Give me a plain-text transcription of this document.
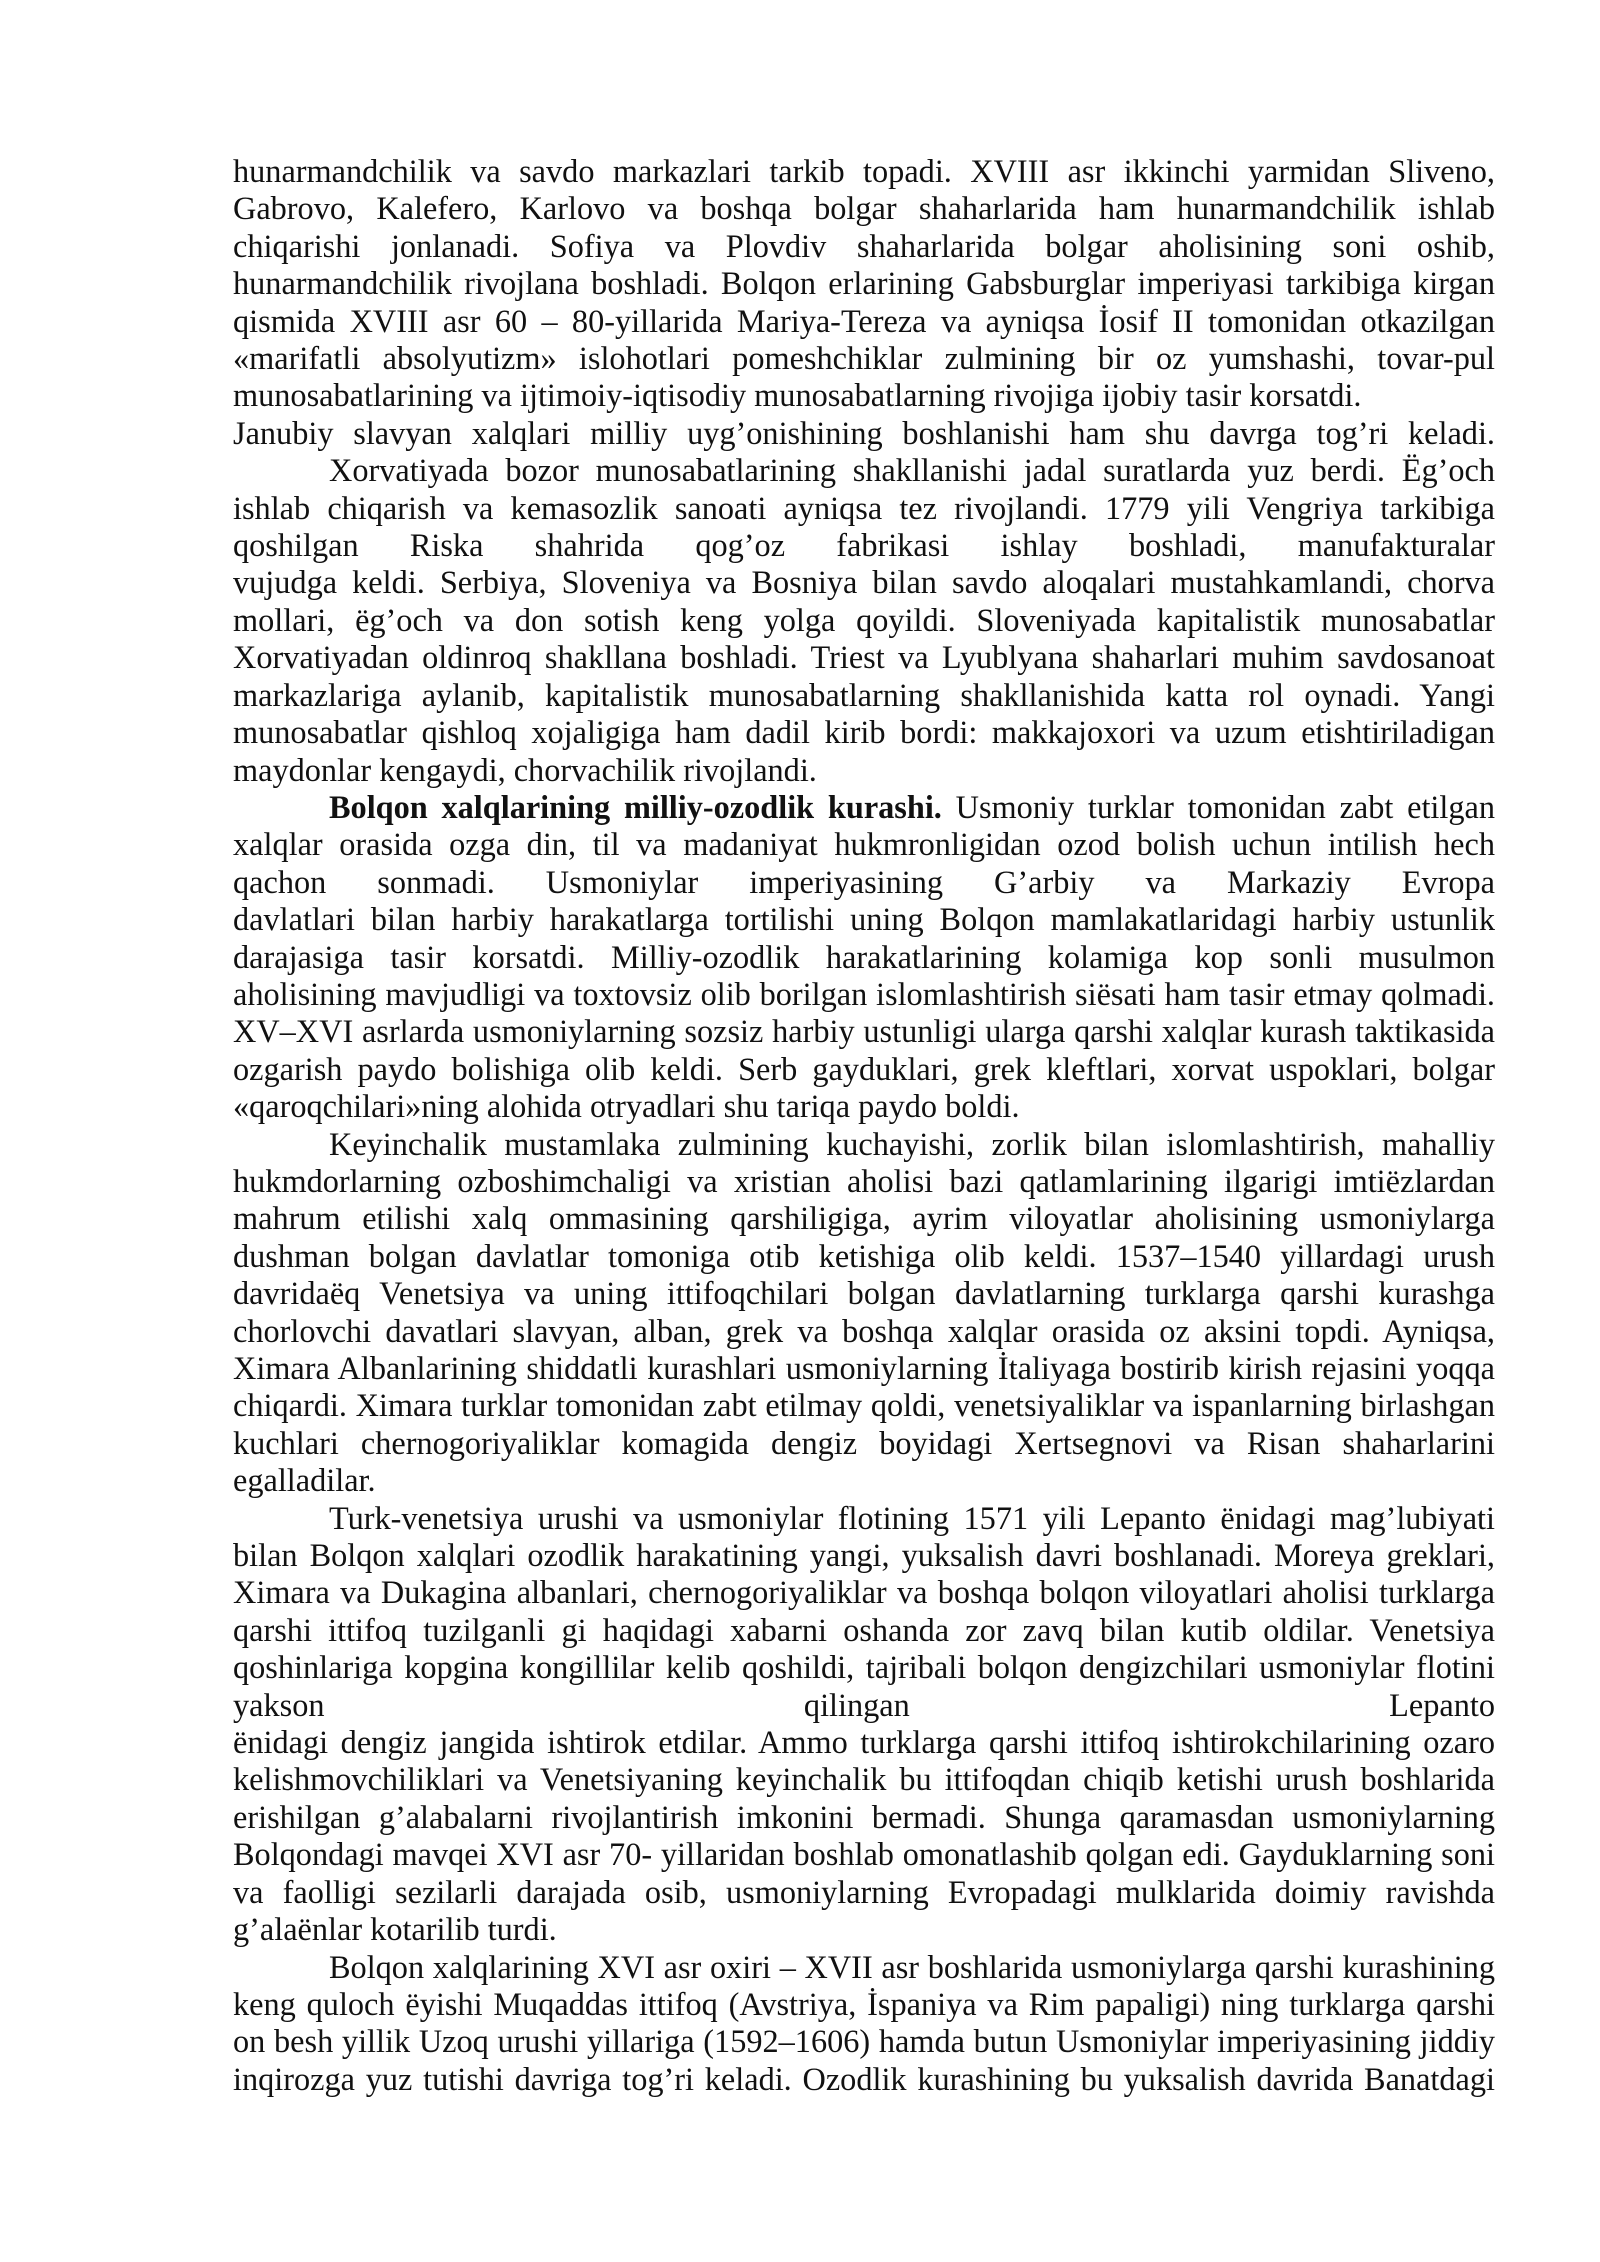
hunarmandchilik va savdo markazlari tarkib topadi. XVIII asr ikkinchi yarmidan Sliveno,
Gabrovo, Kalefero, Karlovo va boshqa bolgar shaharlarida ham hunarmandchilik ishlab
chiqarishi jonlanadi. Sofiya va Plovdiv shaharlarida bolgar aholisining soni oshib,
hunarmandchilik rivojlana boshladi. Bolqon erlarining Gabsburglar imperiyasi tarkibiga kirgan
qismida XVIII asr 60 – 80-yillarida Mariya-Tereza va ayniqsa İosif II tomonidan otkazilgan
«marifatli absolyutizm» islohotlari pomeshchiklar zulmining bir oz yumshashi, tovar-pul
munosabatlarining va ijtimoiy-iqtisodiy munosabatlarning rivojiga ijobiy tasir korsatdi.
Janubiy slavyan xalqlari milliy uyg’onishining boshlanishi ham shu davrga tog’ri keladi.
Xorvatiyada bozor munosabatlarining shakllanishi jadal suratlarda yuz berdi. Ëg’och
ishlab chiqarish va kemasozlik sanoati ayniqsa tez rivojlandi. 1779 yili Vengriya tarkibiga
qoshilgan Riska shahrida qog’oz fabrikasi ishlay boshladi, manufakturalar
vujudga keldi. Serbiya, Sloveniya va Bosniya bilan savdo aloqalari mustahkamlandi, chorva
mollari, ëg’och va don sotish keng yolga qoyildi. Sloveniyada kapitalistik munosabatlar
Xorvatiyadan oldinroq shakllana boshladi. Triest va Lyublyana shaharlari muhim savdosanoat
markazlariga aylanib, kapitalistik munosabatlarning shakllanishida katta rol oynadi. Yangi
munosabatlar qishloq xojaligiga ham dadil kirib bordi: makkajoxori va uzum etishtiriladigan
maydonlar kengaydi, chorvachilik rivojlandi.
Bolqon xalqlarining milliy-ozodlik kurashi. Usmoniy turklar tomonidan zabt etilgan
xalqlar orasida ozga din, til va madaniyat hukmronligidan ozod bolish uchun intilish hech
qachon sonmadi. Usmoniylar imperiyasining G’arbiy va Markaziy Evropa
davlatlari bilan harbiy harakatlarga tortilishi uning Bolqon mamlakatlaridagi harbiy ustunlik
darajasiga tasir korsatdi. Milliy-ozodlik harakatlarining kolamiga kop sonli musulmon
aholisining mavjudligi va toxtovsiz olib borilgan islomlashtirish siësati ham tasir etmay qolmadi.
XV–XVI asrlarda usmoniylarning sozsiz harbiy ustunligi ularga qarshi xalqlar kurash taktikasida
ozgarish paydo bolishiga olib keldi. Serb gayduklari, grek kleftlari, xorvat uspoklari, bolgar
«qaroqchilari»ning alohida otryadlari shu tariqa paydo boldi.
Keyinchalik mustamlaka zulmining kuchayishi, zorlik bilan islomlashtirish, mahalliy
hukmdorlarning ozboshimchaligi va xristian aholisi bazi qatlamlarining ilgarigi imtiëzlardan
mahrum etilishi xalq ommasining qarshiligiga, ayrim viloyatlar aholisining usmoniylarga
dushman bolgan davlatlar tomoniga otib ketishiga olib keldi. 1537–1540 yillardagi urush
davridaëq Venetsiya va uning ittifoqchilari bolgan davlatlarning turklarga qarshi kurashga
chorlovchi davatlari slavyan, alban, grek va boshqa xalqlar orasida oz aksini topdi. Ayniqsa,
Ximara Albanlarining shiddatli kurashlari usmoniylarning İtaliyaga bostirib kirish rejasini yoqqa
chiqardi. Ximara turklar tomonidan zabt etilmay qoldi, venetsiyaliklar va ispanlarning birlashgan
kuchlari chernogoriyaliklar komagida dengiz boyidagi Xertsegnovi va Risan shaharlarini
egalladilar.
Turk-venetsiya urushi va usmoniylar flotining 1571 yili Lepanto ënidagi mag’lubiyati
bilan Bolqon xalqlari ozodlik harakatining yangi, yuksalish davri boshlanadi. Moreya greklari,
Ximara va Dukagina albanlari, chernogoriyaliklar va boshqa bolqon viloyatlari aholisi turklarga
qarshi ittifoq tuzilganli gi haqidagi xabarni oshanda zor zavq bilan kutib oldilar. Venetsiya
qoshinlariga kopgina kongillilar kelib qoshildi, tajribali bolqon dengizchilari usmoniylar flotini
yakson qilingan Lepanto
ënidagi dengiz jangida ishtirok etdilar. Ammo turklarga qarshi ittifoq ishtirokchilarining ozaro
kelishmovchiliklari va Venetsiyaning keyinchalik bu ittifoqdan chiqib ketishi urush boshlarida
erishilgan g’alabalarni rivojlantirish imkonini bermadi. Shunga qaramasdan usmoniylarning
Bolqondagi mavqei XVI asr 70- yillaridan boshlab omonatlashib qolgan edi. Gayduklarning soni
va faolligi sezilarli darajada osib, usmoniylarning Evropadagi mulklarida doimiy ravishda
g’alaënlar kotarilib turdi.
Bolqon xalqlarining XVI asr oxiri – XVII asr boshlarida usmoniylarga qarshi kurashining
keng quloch ëyishi Muqaddas ittifoq (Avstriya, İspaniya va Rim papaligi) ning turklarga qarshi
on besh yillik Uzoq urushi yillariga (1592–1606) hamda butun Usmoniylar imperiyasining jiddiy
inqirozga yuz tutishi davriga tog’ri keladi. Ozodlik kurashining bu yuksalish davrida Banatdagi
